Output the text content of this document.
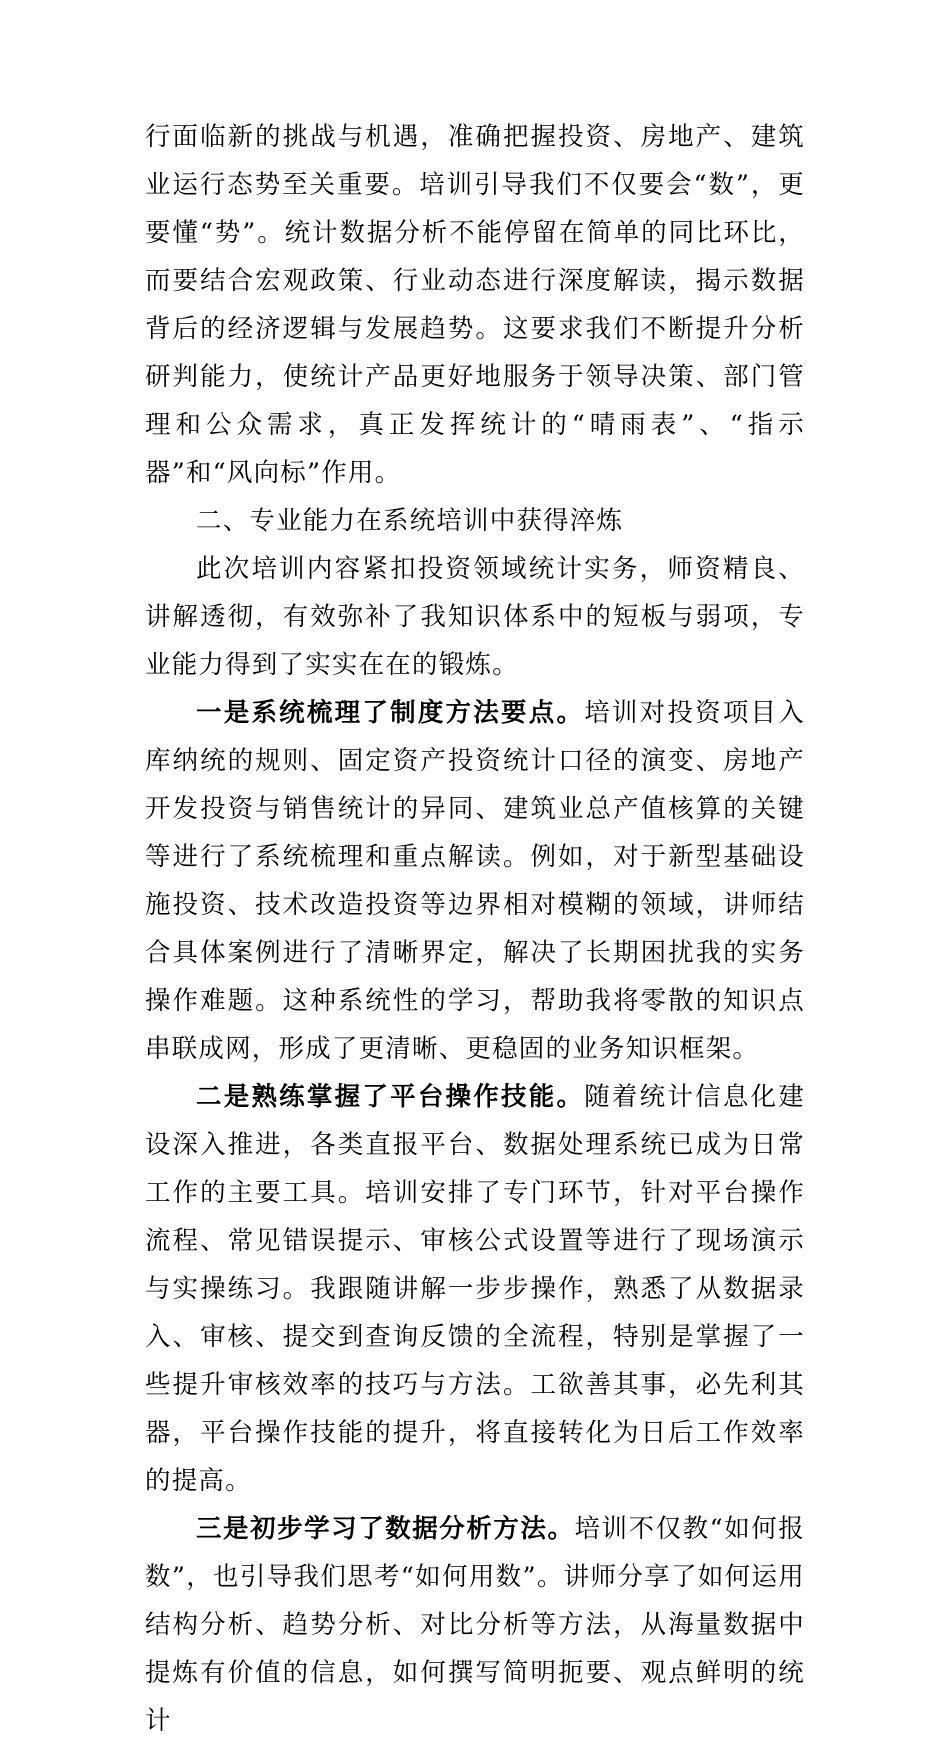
行面临新的挑战与机遇，准确把握投资、房地产、建筑业运行态势至关重要。培训引导我们不仅要会“数”，更要懂“势”。统计数据分析不能停留在简单的同比环比，而要结合宏观政策、行业动态进行深度解读，揭示数据背后的经济逻辑与发展趋势。这要求我们不断提升分析研判能力，使统计产品更好地服务于领导决策、部门管理和公众需求，真正发挥统计的“晴雨表”、“指示器”和“风向标”作用。

二、专业能力在系统培训中获得淬炼

此次培训内容紧扣投资领域统计实务，师资精良、讲解透彻，有效弥补了我知识体系中的短板与弱项，专业能力得到了实实在在的锻炼。

一是系统梳理了制度方法要点。培训对投资项目入库纳统的规则、固定资产投资统计口径的演变、房地产开发投资与销售统计的异同、建筑业总产值核算的关键等进行了系统梳理和重点解读。例如，对于新型基础设施投资、技术改造投资等边界相对模糊的领域，讲师结合具体案例进行了清晰界定，解决了长期困扰我的实务操作难题。这种系统性的学习，帮助我将零散的知识点串联成网，形成了更清晰、更稳固的业务知识框架。

二是熟练掌握了平台操作技能。随着统计信息化建设深入推进，各类直报平台、数据处理系统已成为日常工作的主要工具。培训安排了专门环节，针对平台操作流程、常见错误提示、审核公式设置等进行了现场演示与实操练习。我跟随讲解一步步操作，熟悉了从数据录入、审核、提交到查询反馈的全流程，特别是掌握了一些提升审核效率的技巧与方法。工欲善其事，必先利其器，平台操作技能的提升，将直接转化为日后工作效率的提高。

三是初步学习了数据分析方法。培训不仅教“如何报数”，也引导我们思考“如何用数”。讲师分享了如何运用结构分析、趋势分析、对比分析等方法，从海量数据中提炼有价值的信息，如何撰写简明扼要、观点鲜明的统计
